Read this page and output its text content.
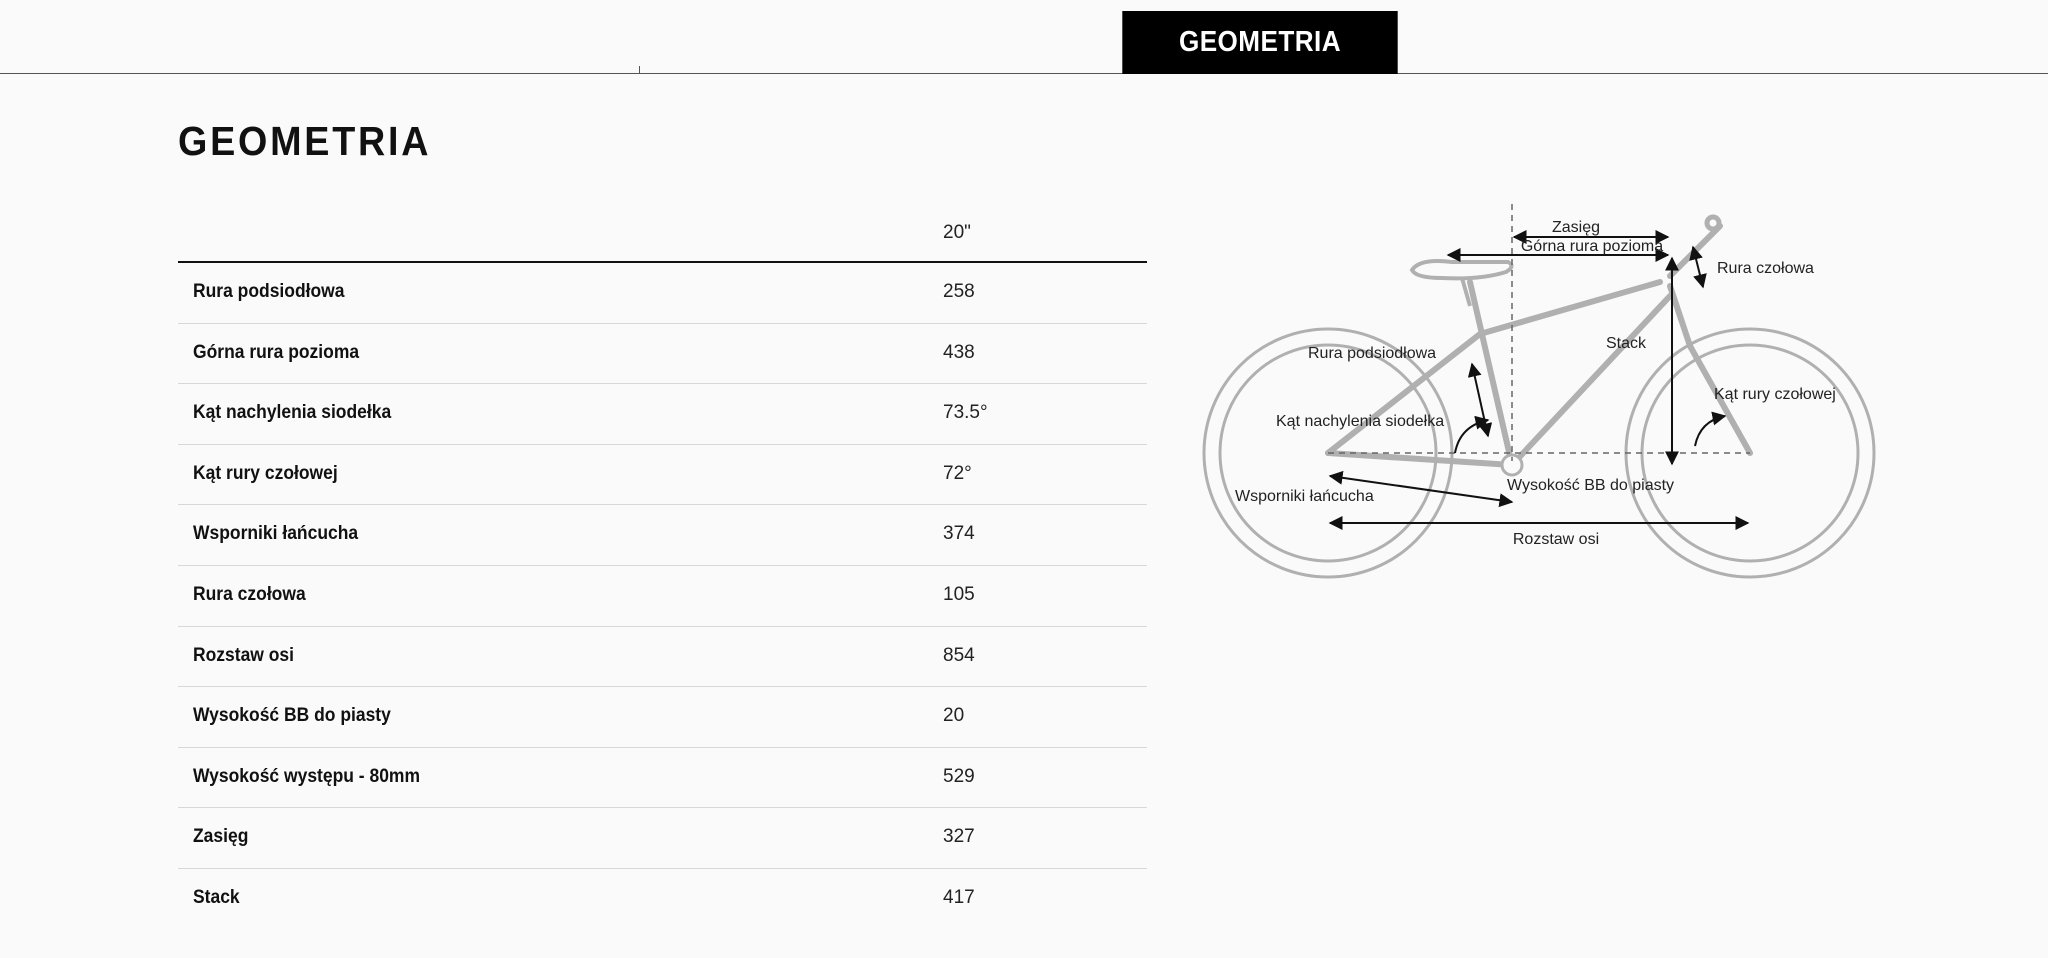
GEOMETRIA
GEOMETRIA
20"
Rura podsiodłowa	258
Górna rura pozioma	438
Kąt nachylenia siodełka	73.5°
Kąt rury czołowej	72°
Wsporniki łańcucha	374
Rura czołowa	105
Rozstaw osi	854
Wysokość BB do piasty	20
Wysokość występu - 80mm	529
Zasięg	327
Stack	417
Zasięg
Górna rura pozioma
Rura czołowa
Rura podsiodłowa
Stack
Kąt rury czołowej
Kąt nachylenia siodełka
Wysokość BB do piasty
Wsporniki łańcucha
Rozstaw osi
